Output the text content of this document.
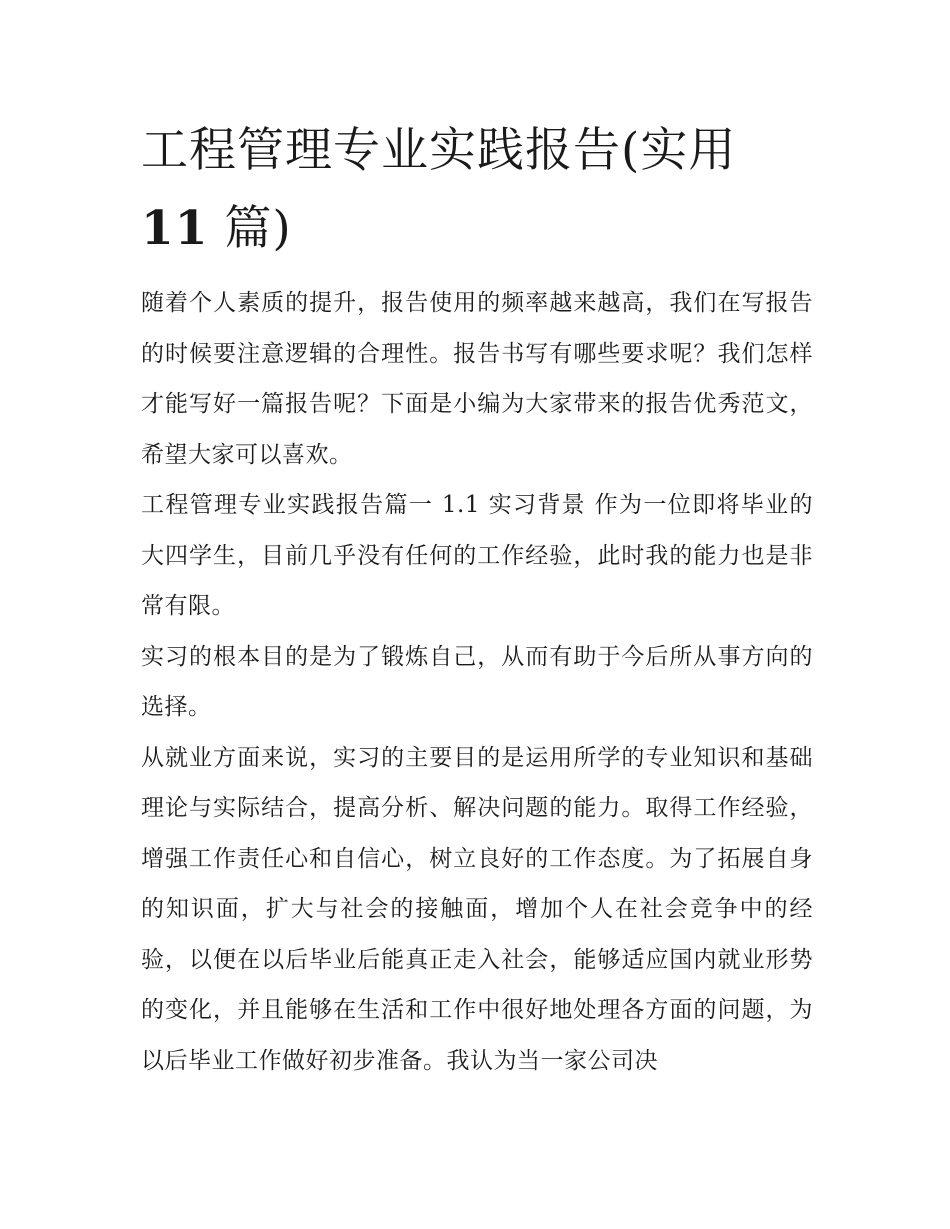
工程管理专业实践报告(实用
11 篇)

随着个人素质的提升，报告使用的频率越来越高，我们在写报告的时候要注意逻辑的合理性。报告书写有哪些要求呢？我们怎样才能写好一篇报告呢？下面是小编为大家带来的报告优秀范文，希望大家可以喜欢。

工程管理专业实践报告篇一 1.1 实习背景 作为一位即将毕业的大四学生，目前几乎没有任何的工作经验，此时我的能力也是非常有限。

实习的根本目的是为了锻炼自己，从而有助于今后所从事方向的选择。

从就业方面来说，实习的主要目的是运用所学的专业知识和基础理论与实际结合，提高分析、解决问题的能力。取得工作经验，增强工作责任心和自信心，树立良好的工作态度。为了拓展自身的知识面，扩大与社会的接触面，增加个人在社会竞争中的经验，以便在以后毕业后能真正走入社会，能够适应国内就业形势的变化，并且能够在生活和工作中很好地处理各方面的问题，为以后毕业工作做好初步准备。我认为当一家公司决
